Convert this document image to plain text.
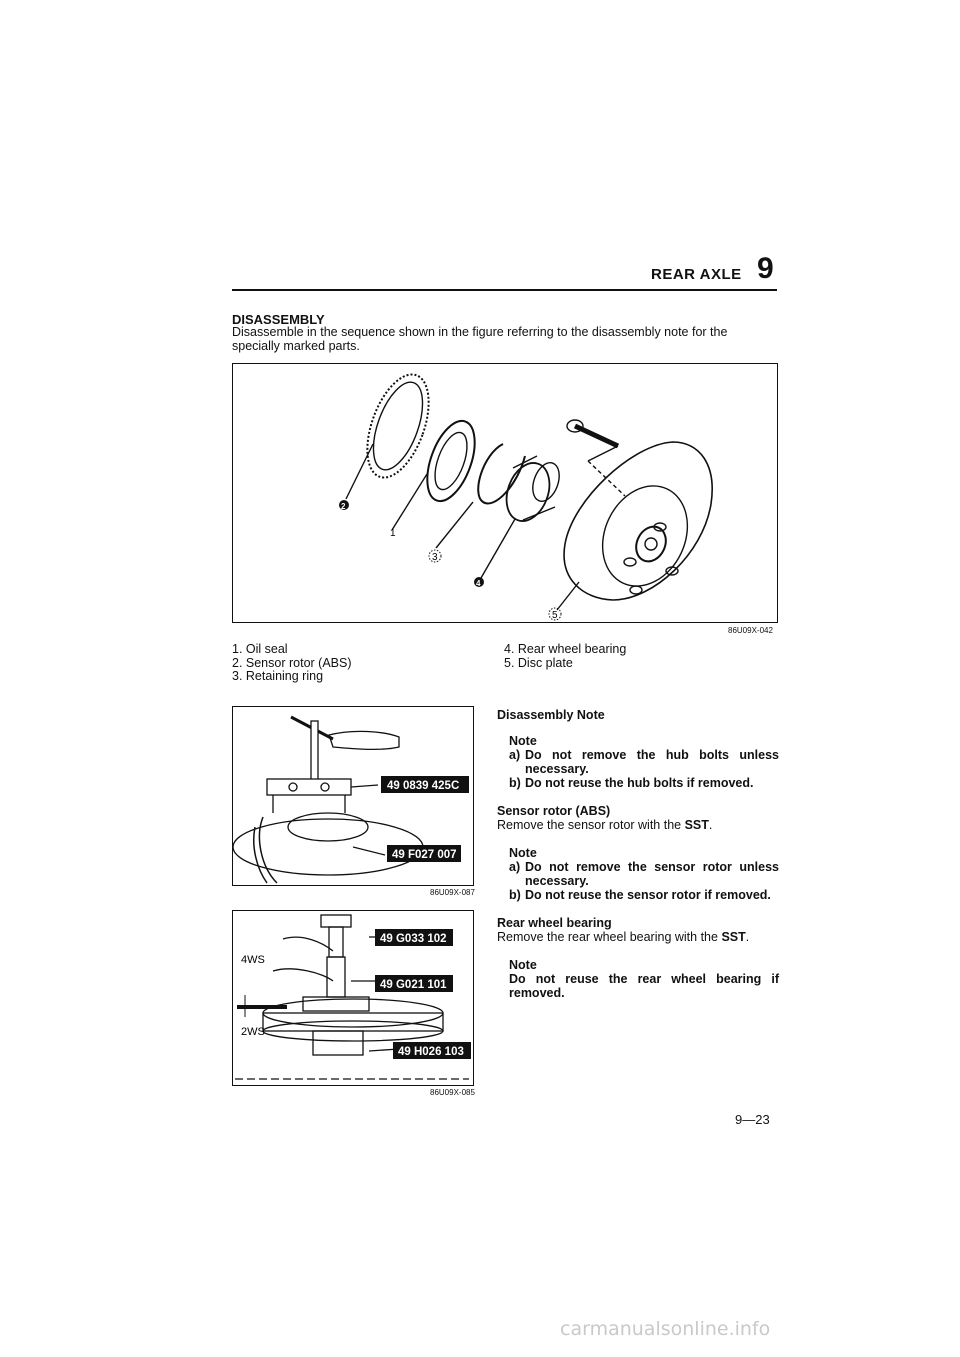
REAR AXLE 9
DISASSEMBLY
Disassemble in the sequence shown in the figure referring to the disassembly note for the specially marked parts.
2
1
3
4
5
86U09X-042
1. Oil seal
2. Sensor rotor (ABS)
3. Retaining ring
4. Rear wheel bearing
5. Disc plate
49 0839 425C
49 F027 007
86U09X-087
4WS
2WS
49 G033 102
49 G021 101
49 H026 103
86U09X-085
Disassembly Note
Note
a) Do not remove the hub bolts unless necessary.
b) Do not reuse the hub bolts if removed.
Sensor rotor (ABS)
Remove the sensor rotor with the SST.
Note
a) Do not remove the sensor rotor unless necessary.
b) Do not reuse the sensor rotor if removed.
Rear wheel bearing
Remove the rear wheel bearing with the SST.
Note
Do not reuse the rear wheel bearing if removed.
9—23
carmanualsonline.info
